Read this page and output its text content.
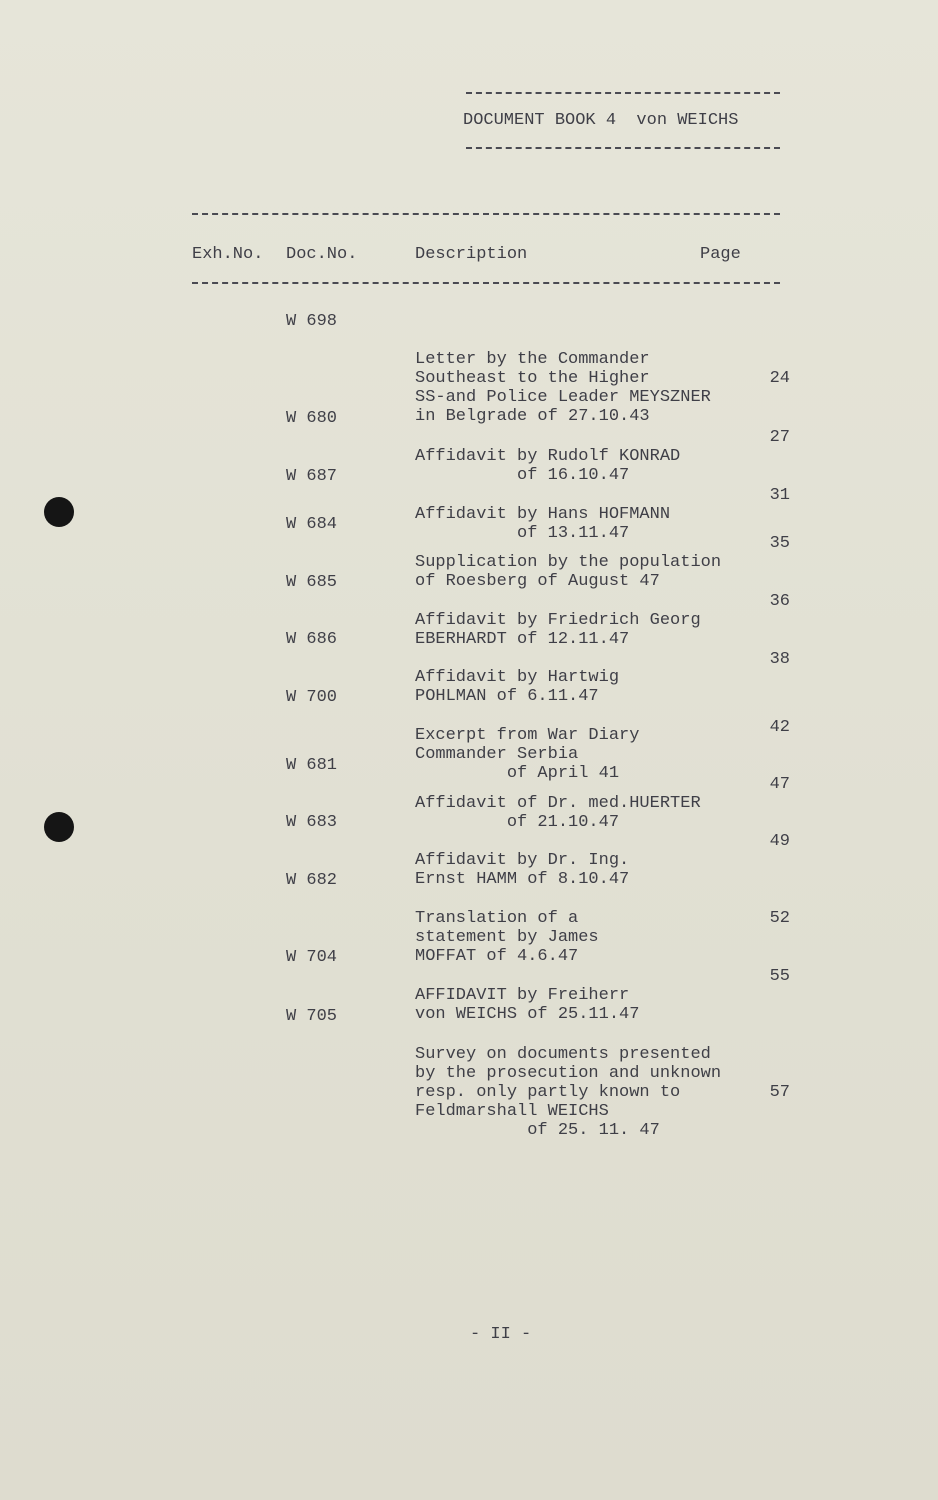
DOCUMENT BOOK 4  von WEICHS
Exh.No. Doc.No.	Description	Page
W 698

Letter by the Commander
Southeast to the Higher
SS-and Police Leader MEYSZNER
in Belgrade of 27.10.43

24
W 680

Affidavit by Rudolf KONRAD
of 16.10.47

27
W 687

Affidavit by Hans HOFMANN
of 13.11.47

31
W 684

Supplication by the population
of Roesberg of August 47

35
W 685

Affidavit by Friedrich Georg
EBERHARDT of 12.11.47

36
W 686

Affidavit by Hartwig
POHLMAN of 6.11.47

38
W 700

Excerpt from War Diary
Commander Serbia
of April 41

42
W 681

Affidavit of Dr. med.HUERTER
of 21.10.47

47
W 683

Affidavit by Dr. Ing.
Ernst HAMM of 8.10.47

49
W 682

Translation of a
statement by James
MOFFAT of 4.6.47

52
W 704

AFFIDAVIT by Freiherr
von WEICHS of 25.11.47

55
W 705

Survey on documents presented
by the prosecution and unknown
resp. only partly known to
Feldmarshall WEICHS
of 25. 11. 47

57
- II -
